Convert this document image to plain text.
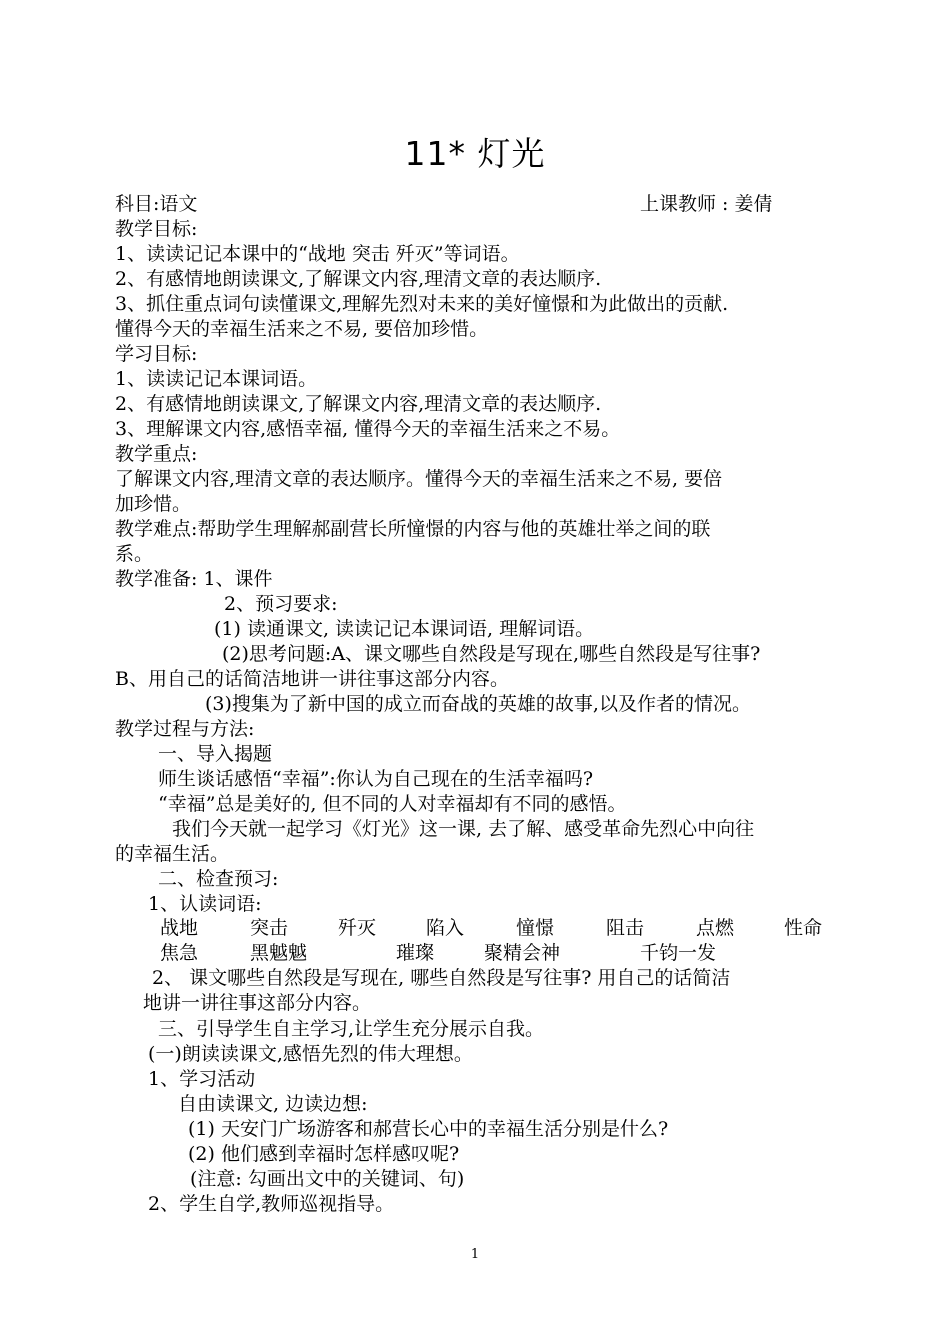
11* 灯光
科目:语文	上课教师 : 姜倩
教学目标:
1、读读记记本课中的“战地 突击 歼灭”等词语。
2、有感情地朗读课文,了解课文内容,理清文章的表达顺序.
3、抓住重点词句读懂课文,理解先烈对未来的美好憧憬和为此做出的贡献.
懂得今天的幸福生活来之不易, 要倍加珍惜。
学习目标:
1、读读记记本课词语。
2、有感情地朗读课文,了解课文内容,理清文章的表达顺序.
3、理解课文内容,感悟幸福, 懂得今天的幸福生活来之不易。
教学重点:
了解课文内容,理清文章的表达顺序。懂得今天的幸福生活来之不易, 要倍
加珍惜。
教学难点:帮助学生理解郝副营长所憧憬的内容与他的英雄壮举之间的联
系。
教学准备: 1、课件
2、预习要求:
(1) 读通课文, 读读记记本课词语, 理解词语。
(2)思考问题:A、课文哪些自然段是写现在,哪些自然段是写往事?
B、用自己的话简洁地讲一讲往事这部分内容。
(3)搜集为了新中国的成立而奋战的英雄的故事,以及作者的情况。
教学过程与方法:
一、导入揭题
师生谈话感悟“幸福”:你认为自己现在的生活幸福吗?
“幸福”总是美好的, 但不同的人对幸福却有不同的感悟。
我们今天就一起学习《灯光》这一课, 去了解、感受革命先烈心中向往
的幸福生活。
二、检查预习:
1、认读词语:
战地	突击	歼灭	陷入	憧憬	阻击	点燃	性命
焦急	黑魆魆	璀璨	聚精会神	千钧一发
2、 课文哪些自然段是写现在, 哪些自然段是写往事? 用自己的话简洁
地讲一讲往事这部分内容。
三、引导学生自主学习,让学生充分展示自我。
(一)朗读读课文,感悟先烈的伟大理想。
1、学习活动
自由读课文, 边读边想:
(1) 天安门广场游客和郝营长心中的幸福生活分别是什么?
(2) 他们感到幸福时怎样感叹呢?
(注意: 勾画出文中的关键词、句)
2、学生自学,教师巡视指导。
1
